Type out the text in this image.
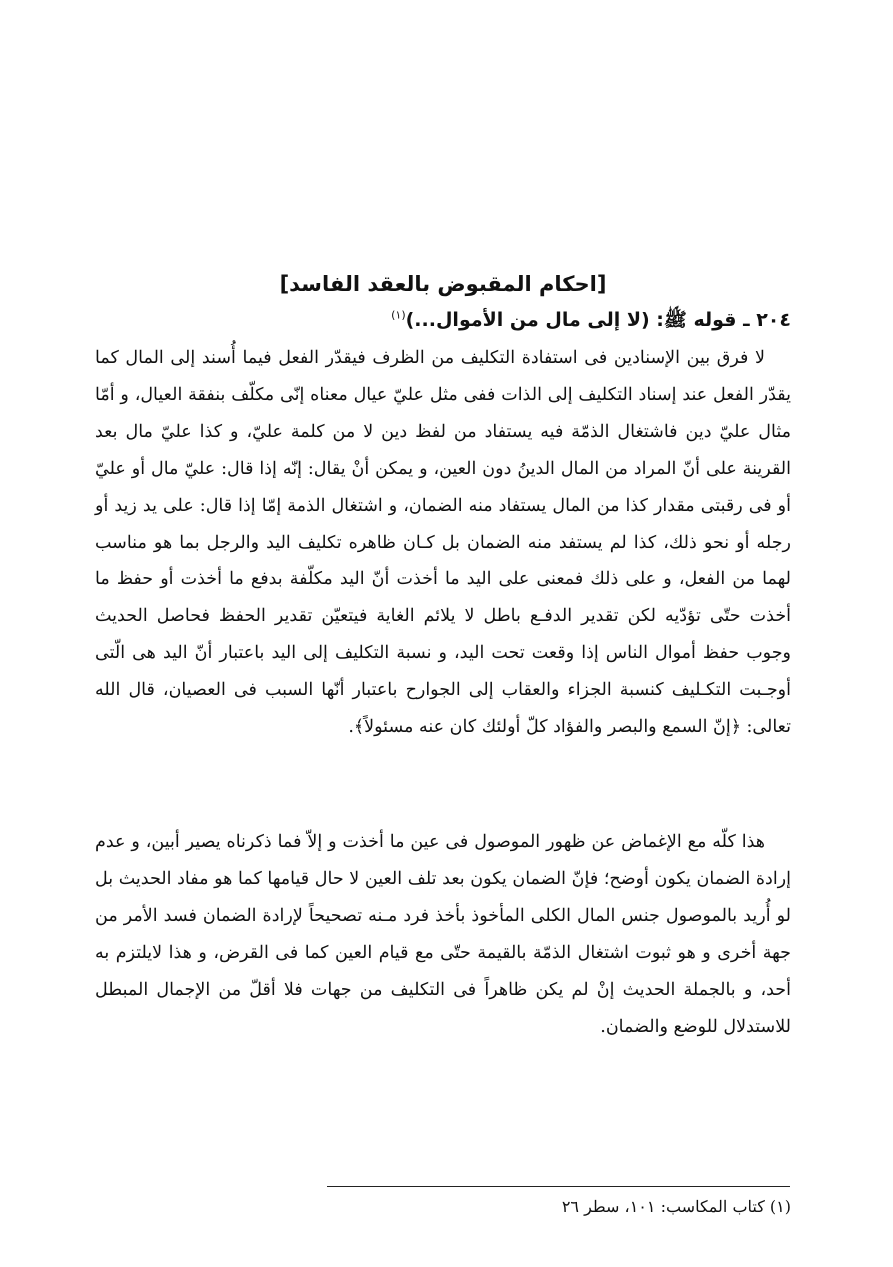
[احكام المقبوض بالعقد الفاسد]
٢٠٤ ـ قوله ﷺ: (لا إلى مال من الأموال...)$^{(١)}$

لا فرق بين الإسنادين فى استفادة التكليف من الظرف فيقدّر الفعل فيما أُسند إلى المال كما يقدّر الفعل عند إسناد التكليف إلى الذات ففى مثل عليّ عيال معناه إنّى مكلّف بنفقة العيال، و أمّا مثال عليّ دين فاشتغال الذمّة فيه يستفاد من لفظ دين لا من كلمة عليّ، و كذا عليّ مال بعد القرينة على أنّ المراد من المال الدينُ دون العين، و يمكن أنْ يقال: إنّه إذا قال: عليّ مال أو عليّ أو فى رقبتى مقدار كذا من المال يستفاد منه الضمان، و اشتغال الذمة إمّا إذا قال: على يد زيد أو رجله أو نحو ذلك، كذا لم يستفد منه الضمان بل كـان ظاهره تكليف اليد والرجل بما هو مناسب لهما من الفعل، و على ذلك فمعنى على اليد ما أخذت أنّ اليد مكلّفة بدفع ما أخذت أو حفظ ما أخذت حتّى تؤدّيه لكن تقدير الدفـع باطل لا يلائم الغاية فيتعيّن تقدير الحفظ فحاصل الحديث وجوب حفظ أموال الناس إذا وقعت تحت اليد، و نسبة التكليف إلى اليد باعتبار أنّ اليد هى الّتى أوجـبت التكـليف كنسبة الجزاء والعقاب إلى الجوارح باعتبار أنّها السبب فى العصيان، قال الله تعالى: ﴿إنّ السمع والبصر والفؤاد كلّ أولئك كان عنه مسئولاً﴾.

هذا كلّه مع الإغماض عن ظهور الموصول فى عين ما أخذت و إلاّ فما ذكرناه يصير أبين، و عدم إرادة الضمان يكون أوضح؛ فإنّ الضمان يكون بعد تلف العين لا حال قيامها كما هو مفاد الحديث بل لو أُريد بالموصول جنس المال الكلى المأخوذ بأخذ فرد مـنه تصحيحاً لإرادة الضمان فسد الأمر من جهة أخرى و هو ثبوت اشتغال الذمّة بالقيمة حتّى مع قيام العين كما فى القرض، و هذا لايلتزم به أحد، و بالجملة الحديث إنْ لم يكن ظاهراً فى التكليف من جهات فلا أقلّ من الإجمال المبطل للاستدلال للوضع والضمان.

(١) كتاب المكاسب: ١٠١، سطر ٢٦
